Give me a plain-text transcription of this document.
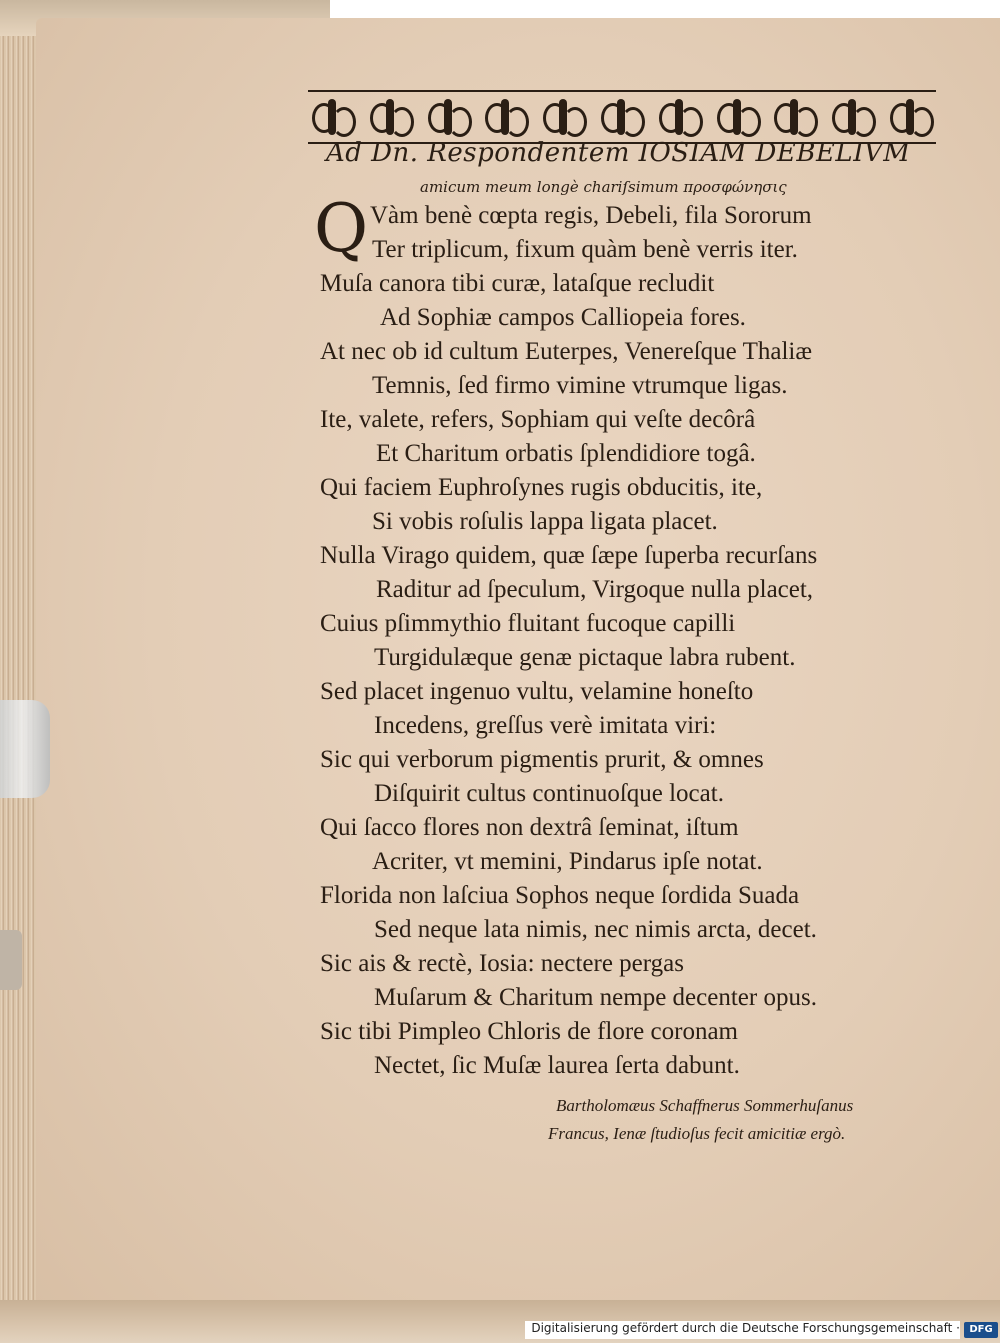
Ad Dn. Respondentem IOSIAM DEBELIVM
amicum meum longè chariſsimum προσφώνησις
Q Vàm benè cœpta regis, Debeli, fila Sororum
Ter triplicum, fixum quàm benè verris iter.
Muſa canora tibi curæ, lataſque recludit
Ad Sophiæ campos Calliopeia fores.
At nec ob id cultum Euterpes, Venereſque Thaliæ
Temnis, ſed firmo vimine vtrumque ligas.
Ite, valete, refers, Sophiam qui veſte decôrâ
Et Charitum orbatis ſplendidiore togâ.
Qui faciem Euphroſynes rugis obducitis, ite,
Si vobis roſulis lappa ligata placet.
Nulla Virago quidem, quæ ſæpe ſuperba recurſans
Raditur ad ſpeculum, Virgoque nulla placet,
Cuius pſimmythio fluitant fucoque capilli
Turgidulæque genæ pictaque labra rubent.
Sed placet ingenuo vultu, velamine honeſto
Incedens, greſſus verè imitata viri:
Sic qui verborum pigmentis prurit, & omnes
Diſquirit cultus continuoſque locat.
Qui ſacco flores non dextrâ ſeminat, iſtum
Acriter, vt memini, Pindarus ipſe notat.
Florida non laſciua Sophos neque ſordida Suada
Sed neque lata nimis, nec nimis arcta, decet.
Sic ais & rectè, Iosia: nectere pergas
Muſarum & Charitum nempe decenter opus.
Sic tibi Pimpleo Chloris de flore coronam
Nectet, ſic Muſæ laurea ſerta dabunt.
Bartholomæus Schaffnerus Sommerhuſanus
Francus, Ienæ ſtudioſus fecit amicitiæ ergò.
Digitalisierung gefördert durch die Deutsche Forschungsgemeinschaft · DFG
